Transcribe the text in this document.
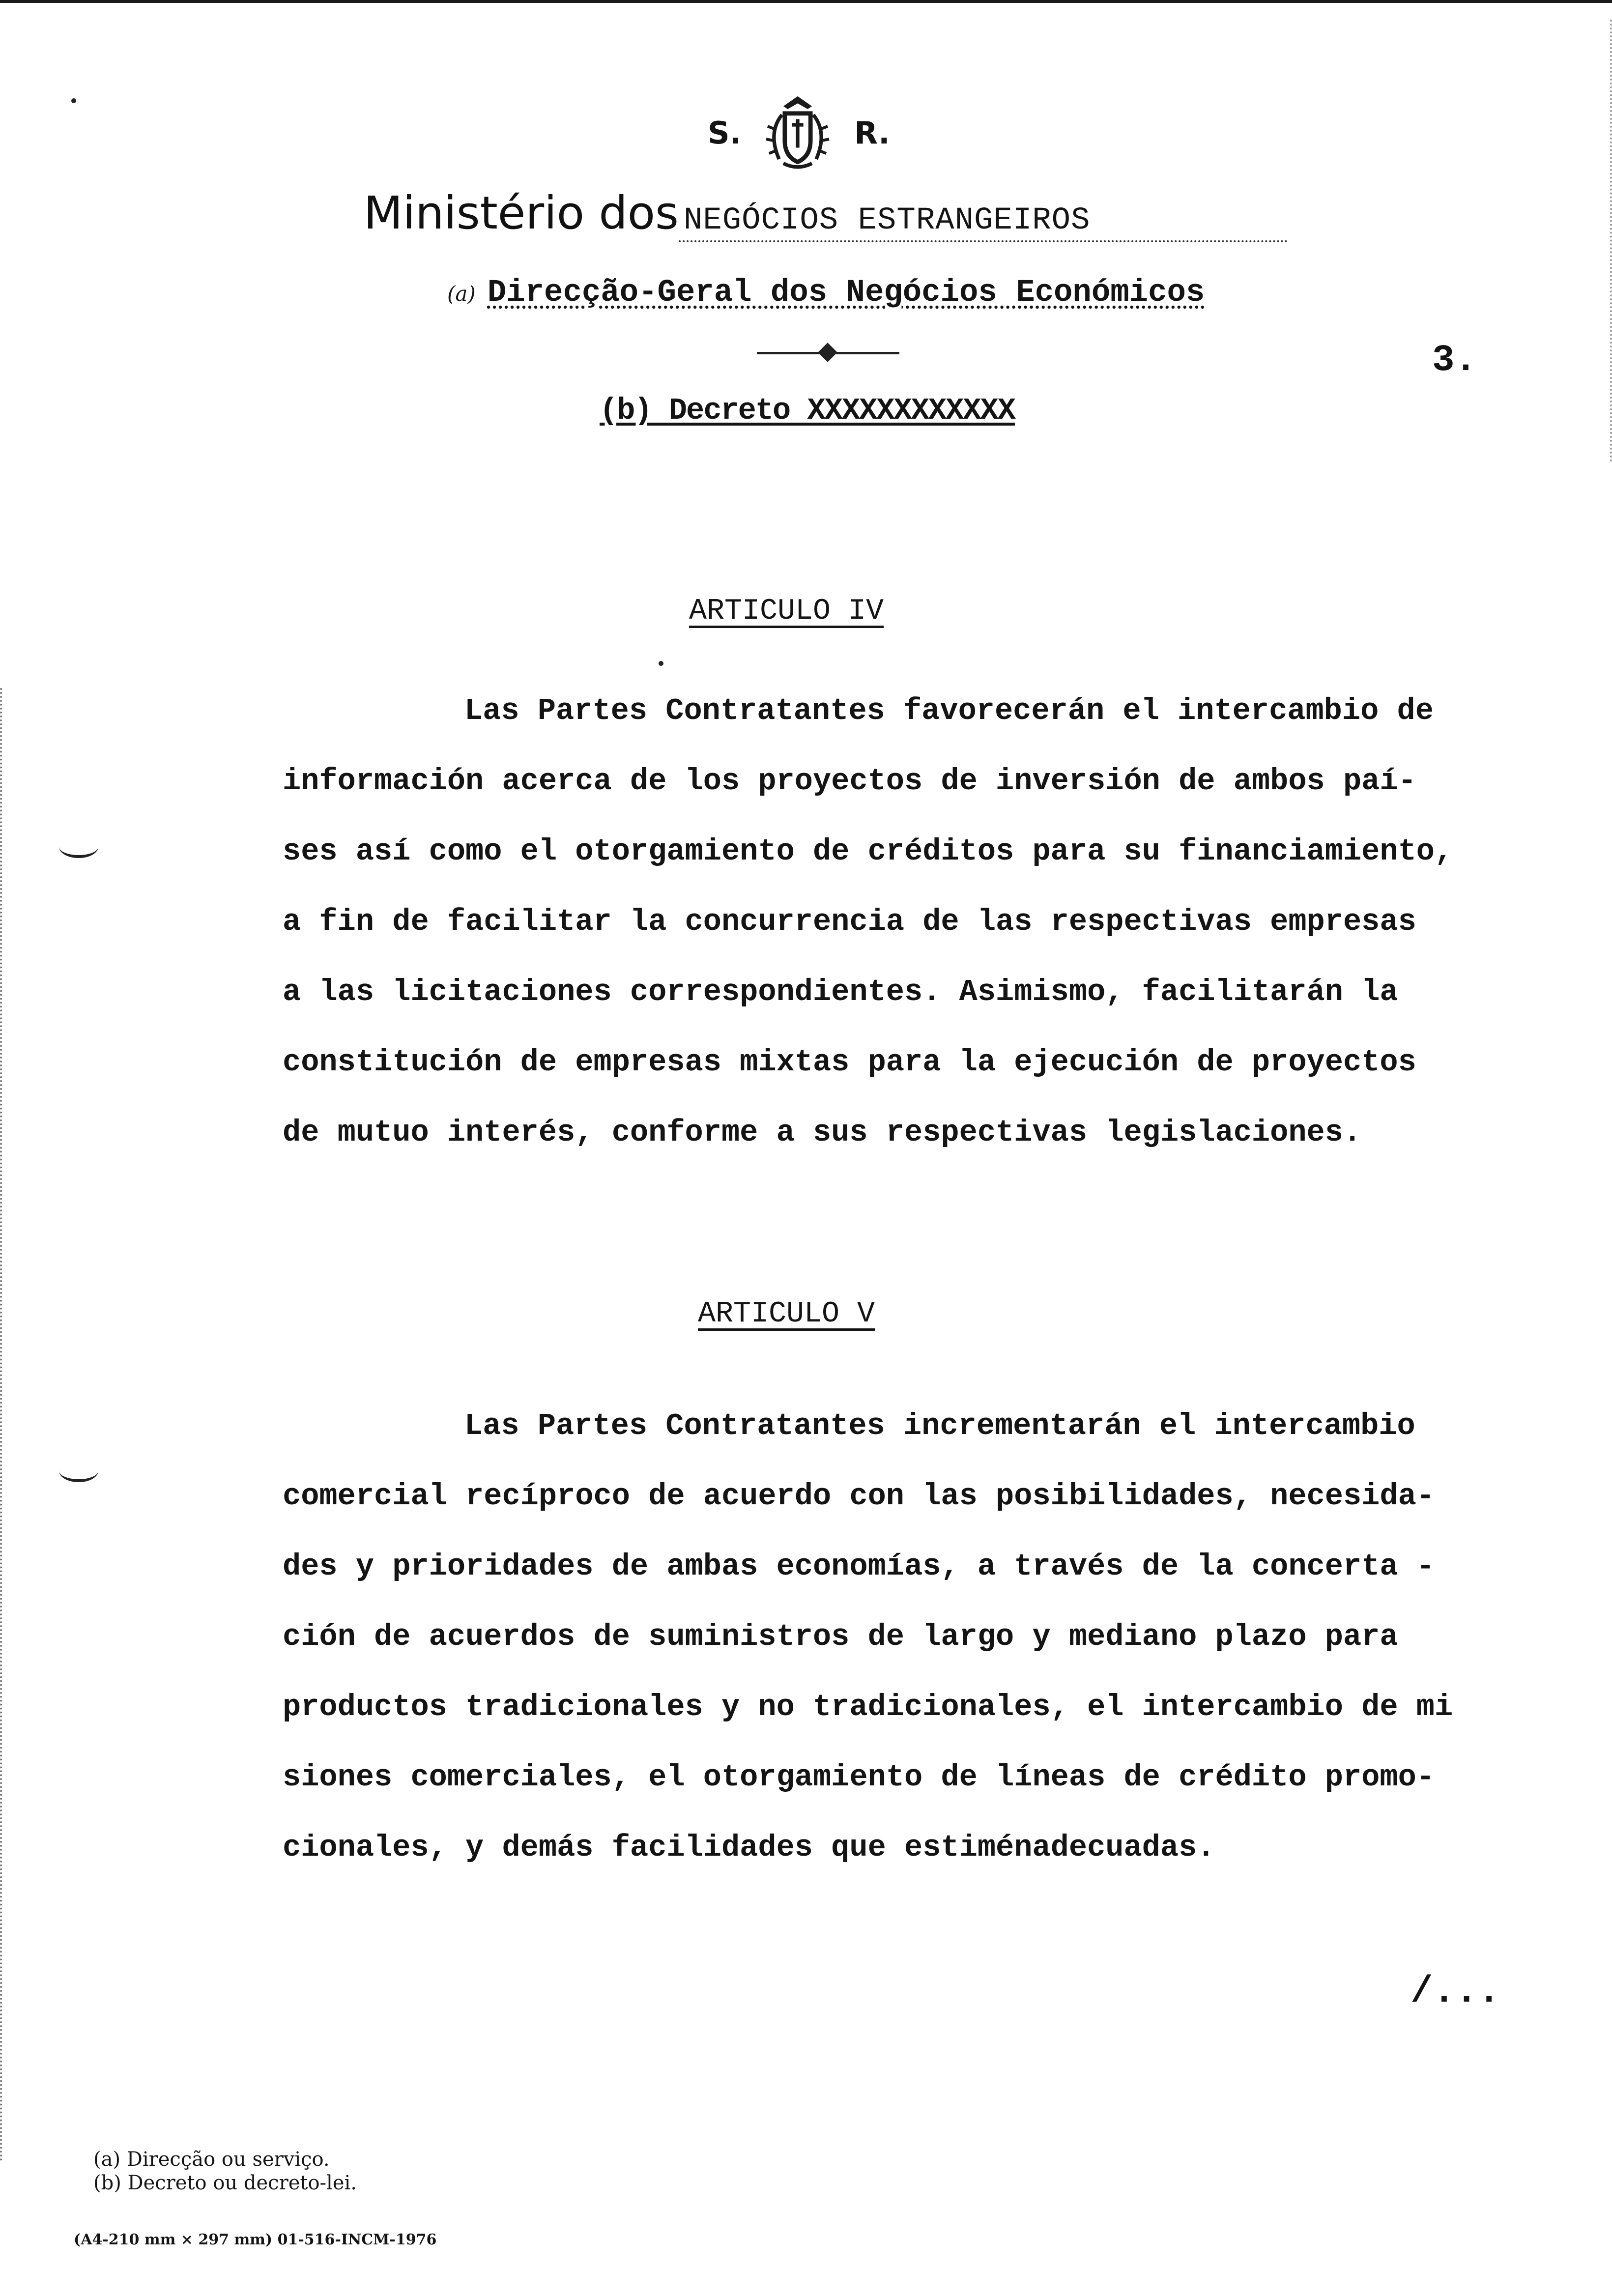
S.	R.
Ministério dos NEGÓCIOS ESTRANGEIROS
(a) Direcção-Geral dos Negócios Económicos
3.
(b) Decreto XXXXXXXXXXXX
ARTICULO IV
Las Partes Contratantes favorecerán el intercambio de
información acerca de los proyectos de inversión de ambos paí-
ses así como el otorgamiento de créditos para su financiamiento,
a fin de facilitar la concurrencia de las respectivas empresas
a las licitaciones correspondientes. Asimismo, facilitarán la
constitución de empresas mixtas para la ejecución de proyectos
de mutuo interés, conforme a sus respectivas legislaciones.
ARTICULO V
Las Partes Contratantes incrementarán el intercambio
comercial recíproco de acuerdo con las posibilidades, necesida-
des y prioridades de ambas economías, a través de la concerta -
ción de acuerdos de suministros de largo y mediano plazo para
productos tradicionales y no tradicionales, el intercambio de mi
siones comerciales, el otorgamiento de líneas de crédito promo-
cionales, y demás facilidades que estiménadecuadas.
/...
(a) Direcção ou serviço.
(b) Decreto ou decreto-lei.
(A4-210 mm × 297 mm) 01-516-INCM-1976
